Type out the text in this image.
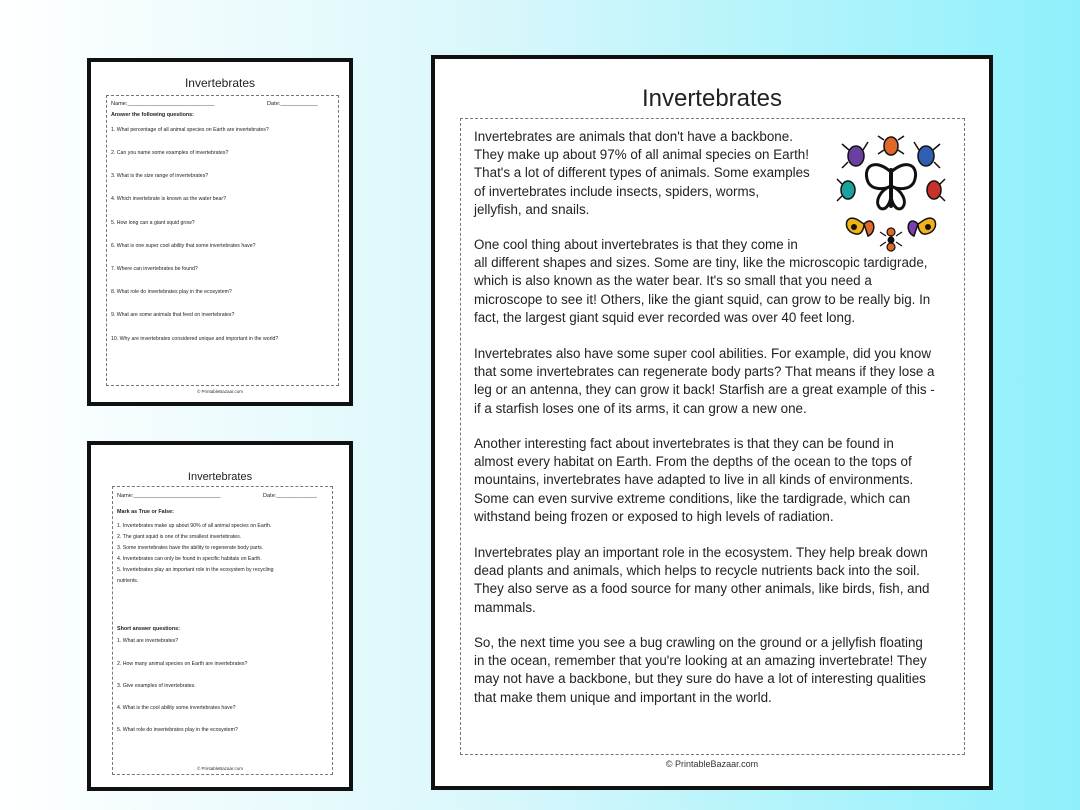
Invertebrates
Name:____________________________	Date:____________
Answer the following questions:
1. What percentage of all animal species on Earth are invertebrates?
2. Can you name some examples of invertebrates?
3. What is the size range of invertebrates?
4. Which invertebrate is known as the water bear?
5. How long can a giant squid grow?
6. What is one super cool ability that some invertebrates have?
7. Where can invertebrates be found?
8. What role do invertebrates play in the ecosystem?
9. What are some animals that feed on invertebrates?
10. Why are invertebrates considered unique and important in the world?
© PrintableBazaar.com
Invertebrates
Name:____________________________	Date:_____________
Mark as True or False:
1. Invertebrates make up about 90% of all animal species on Earth.
2. The giant squid is one of the smallest invertebrates.
3. Some invertebrates have the ability to regenerate body parts.
4. Invertebrates can only be found in specific habitats on Earth.
5. Invertebrates play an important role in the ecosystem by recycling
nutrients.
Short answer questions:
1. What are invertebrates?
2. How many animal species on Earth are invertebrates?
3. Give examples of invertebrates.
4. What is the cool ability some invertebrates have?
5. What role do invertebrates play in the ecosystem?
© PrintableBazaar.com
Invertebrates
Invertebrates are animals that don't have a backbone.
They make up about 97% of all animal species on Earth!
That's a lot of different types of animals. Some examples
of invertebrates include insects, spiders, worms,
jellyfish, and snails.
One cool thing about invertebrates is that they come in
all different shapes and sizes. Some are tiny, like the microscopic tardigrade,
which is also known as the water bear. It's so small that you need a
microscope to see it! Others, like the giant squid, can grow to be really big. In
fact, the largest giant squid ever recorded was over 40 feet long.
Invertebrates also have some super cool abilities. For example, did you know
that some invertebrates can regenerate body parts? That means if they lose a
leg or an antenna, they can grow it back! Starfish are a great example of this -
if a starfish loses one of its arms, it can grow a new one.
Another interesting fact about invertebrates is that they can be found in
almost every habitat on Earth. From the depths of the ocean to the tops of
mountains, invertebrates have adapted to live in all kinds of environments.
Some can even survive extreme conditions, like the tardigrade, which can
withstand being frozen or exposed to high levels of radiation.
Invertebrates play an important role in the ecosystem. They help break down
dead plants and animals, which helps to recycle nutrients back into the soil.
They also serve as a food source for many other animals, like birds, fish, and
mammals.
So, the next time you see a bug crawling on the ground or a jellyfish floating
in the ocean, remember that you're looking at an amazing invertebrate! They
may not have a backbone, but they sure do have a lot of interesting qualities
that make them unique and important in the world.
© PrintableBazaar.com
